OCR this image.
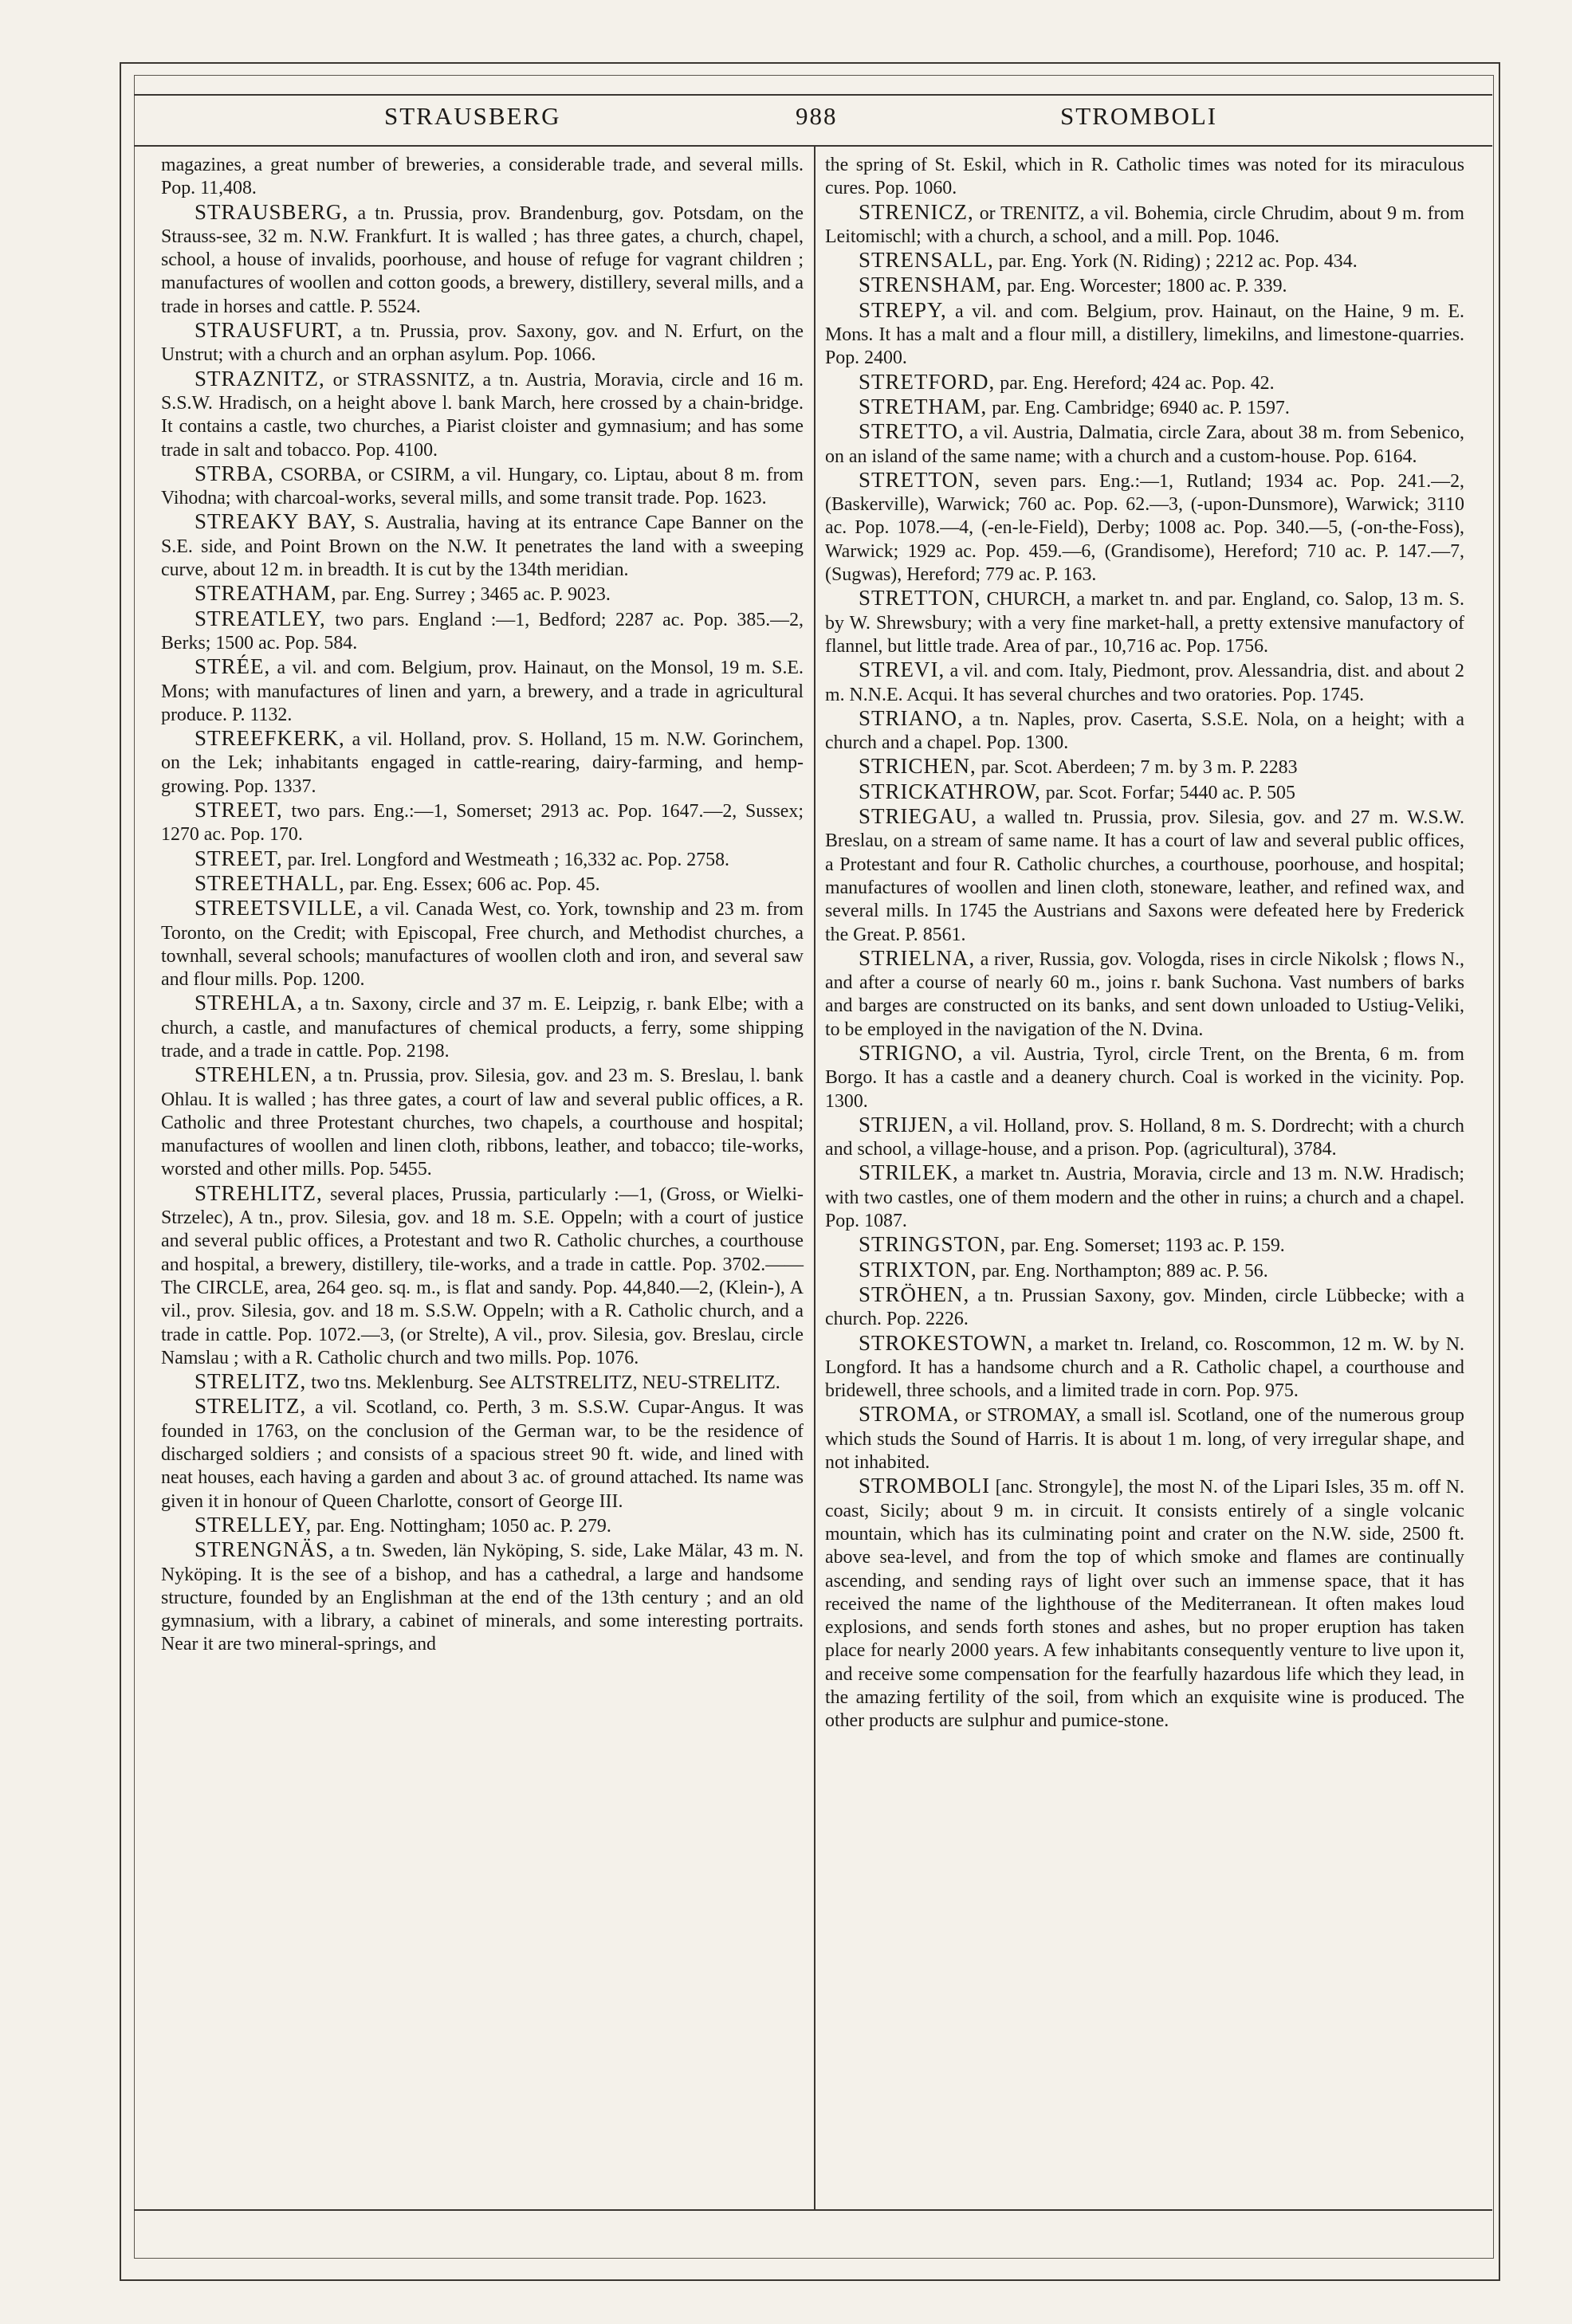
STRAUSBERG	988	STROMBOLI

magazines, a great number of breweries, a considerable trade, and several mills. Pop. 11,408.

STRAUSBERG, a tn. Prussia, prov. Brandenburg, gov. Potsdam, on the Strauss-see, 32 m. N.W. Frankfurt. It is walled ; has three gates, a church, chapel, school, a house of invalids, poorhouse, and house of refuge for vagrant children ; manufactures of woollen and cotton goods, a brewery, distillery, several mills, and a trade in horses and cattle. P. 5524.

STRAUSFURT, a tn. Prussia, prov. Saxony, gov. and N. Erfurt, on the Unstrut; with a church and an orphan asylum. Pop. 1066.

STRAZNITZ, or STRASSNITZ, a tn. Austria, Moravia, circle and 16 m. S.S.W. Hradisch, on a height above l. bank March, here crossed by a chain-bridge. It contains a castle, two churches, a Piarist cloister and gymnasium; and has some trade in salt and tobacco. Pop. 4100.

STRBA, CSORBA, or CSIRM, a vil. Hungary, co. Liptau, about 8 m. from Vihodna; with charcoal-works, several mills, and some transit trade. Pop. 1623.

STREAKY BAY, S. Australia, having at its entrance Cape Banner on the S.E. side, and Point Brown on the N.W. It penetrates the land with a sweeping curve, about 12 m. in breadth. It is cut by the 134th meridian.

STREATHAM, par. Eng. Surrey ; 3465 ac. P. 9023.

STREATLEY, two pars. England :—1, Bedford; 2287 ac. Pop. 385.—2, Berks; 1500 ac. Pop. 584.

STRÉE, a vil. and com. Belgium, prov. Hainaut, on the Monsol, 19 m. S.E. Mons; with manufactures of linen and yarn, a brewery, and a trade in agricultural produce. P. 1132.

STREEFKERK, a vil. Holland, prov. S. Holland, 15 m. N.W. Gorinchem, on the Lek; inhabitants engaged in cattle-rearing, dairy-farming, and hemp-growing. Pop. 1337.

STREET, two pars. Eng.:—1, Somerset; 2913 ac. Pop. 1647.—2, Sussex; 1270 ac. Pop. 170.

STREET, par. Irel. Longford and Westmeath ; 16,332 ac. Pop. 2758.

STREETHALL, par. Eng. Essex; 606 ac. Pop. 45.

STREETSVILLE, a vil. Canada West, co. York, township and 23 m. from Toronto, on the Credit; with Episcopal, Free church, and Methodist churches, a townhall, several schools; manufactures of woollen cloth and iron, and several saw and flour mills. Pop. 1200.

STREHLA, a tn. Saxony, circle and 37 m. E. Leipzig, r. bank Elbe; with a church, a castle, and manufactures of chemical products, a ferry, some shipping trade, and a trade in cattle. Pop. 2198.

STREHLEN, a tn. Prussia, prov. Silesia, gov. and 23 m. S. Breslau, l. bank Ohlau. It is walled ; has three gates, a court of law and several public offices, a R. Catholic and three Protestant churches, two chapels, a courthouse and hospital; manufactures of woollen and linen cloth, ribbons, leather, and tobacco; tile-works, worsted and other mills. Pop. 5455.

STREHLITZ, several places, Prussia, particularly :—1, (Gross, or Wielki-Strzelec), A tn., prov. Silesia, gov. and 18 m. S.E. Oppeln; with a court of justice and several public offices, a Protestant and two R. Catholic churches, a courthouse and hospital, a brewery, distillery, tile-works, and a trade in cattle. Pop. 3702.——The CIRCLE, area, 264 geo. sq. m., is flat and sandy. Pop. 44,840.—2, (Klein-), A vil., prov. Silesia, gov. and 18 m. S.S.W. Oppeln; with a R. Catholic church, and a trade in cattle. Pop. 1072.—3, (or Strelte), A vil., prov. Silesia, gov. Breslau, circle Namslau ; with a R. Catholic church and two mills. Pop. 1076.

STRELITZ, two tns. Meklenburg. See ALTSTRELITZ, NEU-STRELITZ.

STRELITZ, a vil. Scotland, co. Perth, 3 m. S.S.W. Cupar-Angus. It was founded in 1763, on the conclusion of the German war, to be the residence of discharged soldiers ; and consists of a spacious street 90 ft. wide, and lined with neat houses, each having a garden and about 3 ac. of ground attached. Its name was given it in honour of Queen Charlotte, consort of George III.

STRELLEY, par. Eng. Nottingham; 1050 ac. P. 279.

STRENGNÄS, a tn. Sweden, län Nyköping, S. side, Lake Mälar, 43 m. N. Nyköping. It is the see of a bishop, and has a cathedral, a large and handsome structure, founded by an Englishman at the end of the 13th century ; and an old gymnasium, with a library, a cabinet of minerals, and some interesting portraits. Near it are two mineral-springs, and

the spring of St. Eskil, which in R. Catholic times was noted for its miraculous cures. Pop. 1060.

STRENICZ, or TRENITZ, a vil. Bohemia, circle Chrudim, about 9 m. from Leitomischl; with a church, a school, and a mill. Pop. 1046.

STRENSALL, par. Eng. York (N. Riding) ; 2212 ac. Pop. 434.

STRENSHAM, par. Eng. Worcester; 1800 ac. P. 339.

STREPY, a vil. and com. Belgium, prov. Hainaut, on the Haine, 9 m. E. Mons. It has a malt and a flour mill, a distillery, limekilns, and limestone-quarries. Pop. 2400.

STRETFORD, par. Eng. Hereford; 424 ac. Pop. 42.

STRETHAM, par. Eng. Cambridge; 6940 ac. P. 1597.

STRETTO, a vil. Austria, Dalmatia, circle Zara, about 38 m. from Sebenico, on an island of the same name; with a church and a custom-house. Pop. 6164.

STRETTON, seven pars. Eng.:—1, Rutland; 1934 ac. Pop. 241.—2, (Baskerville), Warwick; 760 ac. Pop. 62.—3, (-upon-Dunsmore), Warwick; 3110 ac. Pop. 1078.—4, (-en-le-Field), Derby; 1008 ac. Pop. 340.—5, (-on-the-Foss), Warwick; 1929 ac. Pop. 459.—6, (Grandisome), Hereford; 710 ac. P. 147.—7, (Sugwas), Hereford; 779 ac. P. 163.

STRETTON, CHURCH, a market tn. and par. England, co. Salop, 13 m. S. by W. Shrewsbury; with a very fine market-hall, a pretty extensive manufactory of flannel, but little trade. Area of par., 10,716 ac. Pop. 1756.

STREVI, a vil. and com. Italy, Piedmont, prov. Alessandria, dist. and about 2 m. N.N.E. Acqui. It has several churches and two oratories. Pop. 1745.

STRIANO, a tn. Naples, prov. Caserta, S.S.E. Nola, on a height; with a church and a chapel. Pop. 1300.

STRICHEN, par. Scot. Aberdeen; 7 m. by 3 m. P. 2283

STRICKATHROW, par. Scot. Forfar; 5440 ac. P. 505

STRIEGAU, a walled tn. Prussia, prov. Silesia, gov. and 27 m. W.S.W. Breslau, on a stream of same name. It has a court of law and several public offices, a Protestant and four R. Catholic churches, a courthouse, poorhouse, and hospital; manufactures of woollen and linen cloth, stoneware, leather, and refined wax, and several mills. In 1745 the Austrians and Saxons were defeated here by Frederick the Great. P. 8561.

STRIELNA, a river, Russia, gov. Vologda, rises in circle Nikolsk ; flows N., and after a course of nearly 60 m., joins r. bank Suchona. Vast numbers of barks and barges are constructed on its banks, and sent down unloaded to Ustiug-Veliki, to be employed in the navigation of the N. Dvina.

STRIGNO, a vil. Austria, Tyrol, circle Trent, on the Brenta, 6 m. from Borgo. It has a castle and a deanery church. Coal is worked in the vicinity. Pop. 1300.

STRIJEN, a vil. Holland, prov. S. Holland, 8 m. S. Dordrecht; with a church and school, a village-house, and a prison. Pop. (agricultural), 3784.

STRILEK, a market tn. Austria, Moravia, circle and 13 m. N.W. Hradisch; with two castles, one of them modern and the other in ruins; a church and a chapel. Pop. 1087.

STRINGSTON, par. Eng. Somerset; 1193 ac. P. 159.

STRIXTON, par. Eng. Northampton; 889 ac. P. 56.

STRÖHEN, a tn. Prussian Saxony, gov. Minden, circle Lübbecke; with a church. Pop. 2226.

STROKESTOWN, a market tn. Ireland, co. Roscommon, 12 m. W. by N. Longford. It has a handsome church and a R. Catholic chapel, a courthouse and bridewell, three schools, and a limited trade in corn. Pop. 975.

STROMA, or STROMAY, a small isl. Scotland, one of the numerous group which studs the Sound of Harris. It is about 1 m. long, of very irregular shape, and not inhabited.

STROMBOLI [anc. Strongyle], the most N. of the Lipari Isles, 35 m. off N. coast, Sicily; about 9 m. in circuit. It consists entirely of a single volcanic mountain, which has its culminating point and crater on the N.W. side, 2500 ft. above sea-level, and from the top of which smoke and flames are continually ascending, and sending rays of light over such an immense space, that it has received the name of the lighthouse of the Mediterranean. It often makes loud explosions, and sends forth stones and ashes, but no proper eruption has taken place for nearly 2000 years. A few inhabitants consequently venture to live upon it, and receive some compensation for the fearfully hazardous life which they lead, in the amazing fertility of the soil, from which an exquisite wine is produced. The other products are sulphur and pumice-stone.
